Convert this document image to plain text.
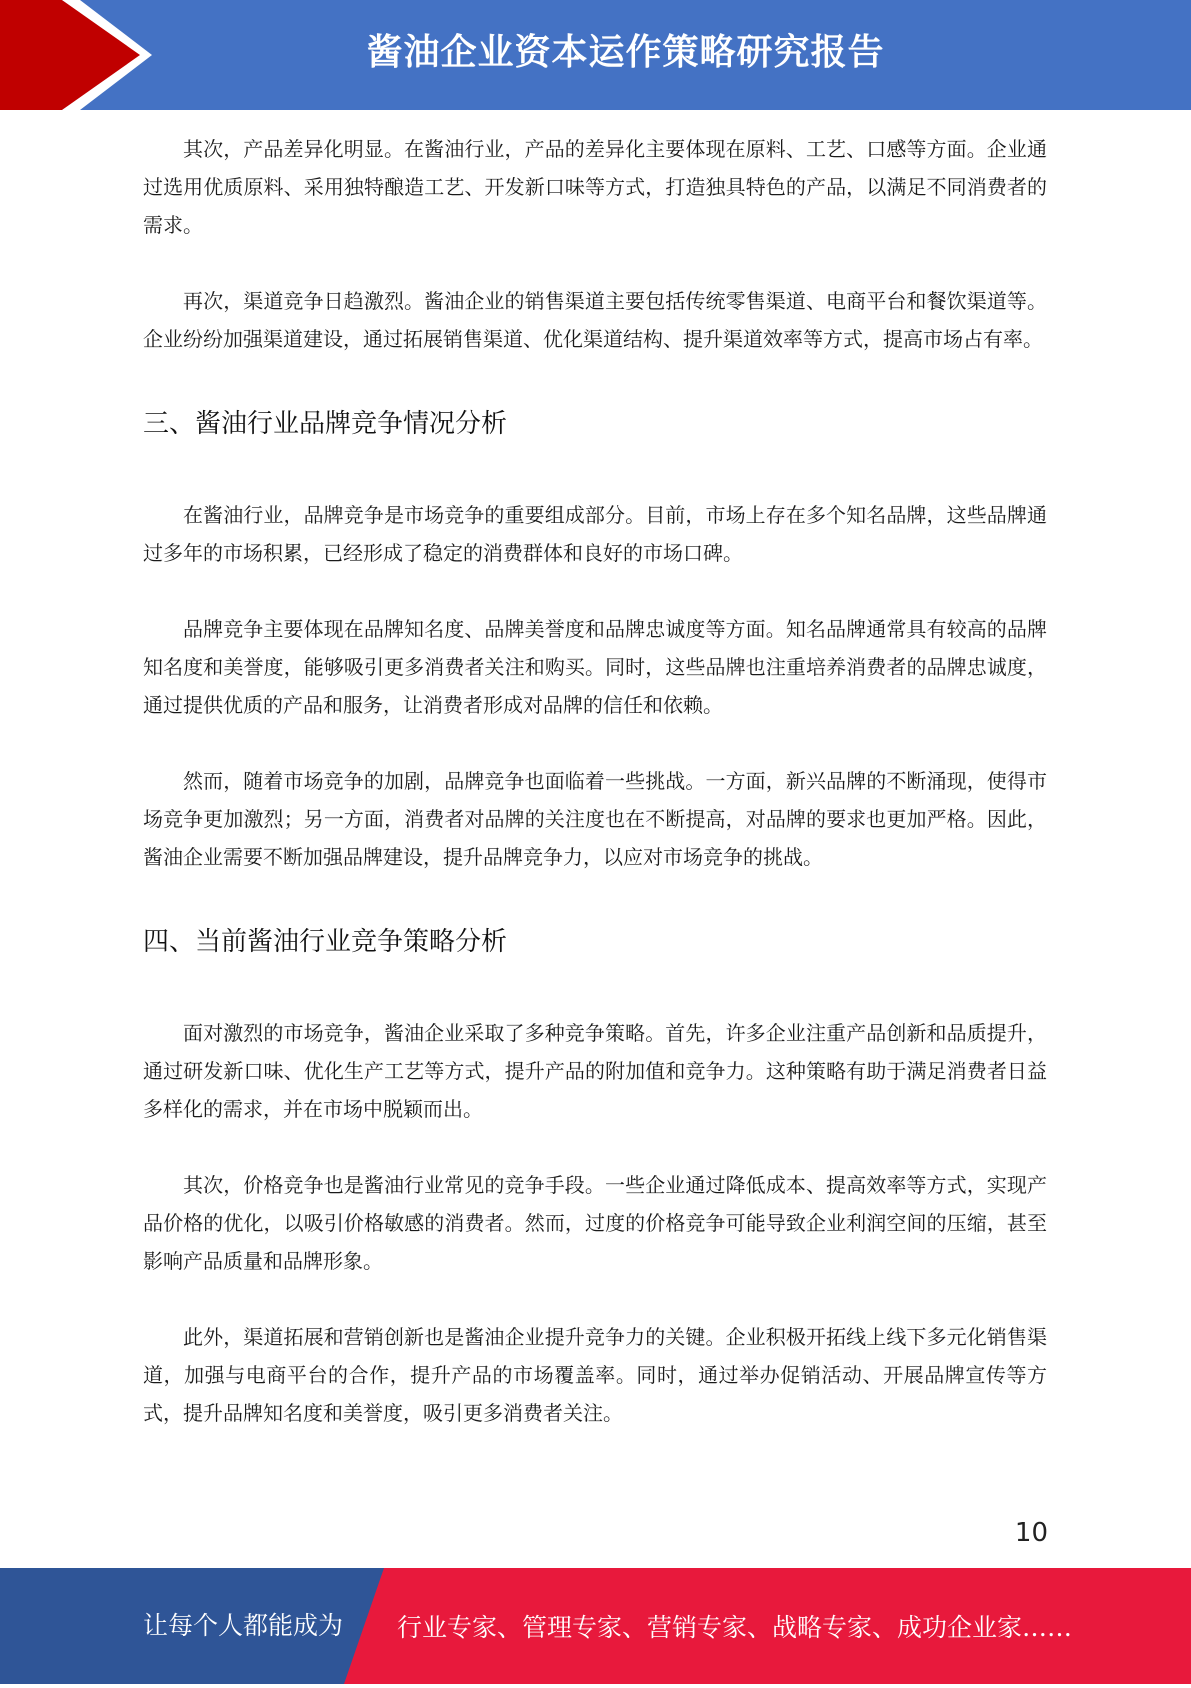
酱油企业资本运作策略研究报告

其次，产品差异化明显。在酱油行业，产品的差异化主要体现在原料、工艺、口感等方面。企业通过选用优质原料、采用独特酿造工艺、开发新口味等方式，打造独具特色的产品，以满足不同消费者的需求。

再次，渠道竞争日趋激烈。酱油企业的销售渠道主要包括传统零售渠道、电商平台和餐饮渠道等。企业纷纷加强渠道建设，通过拓展销售渠道、优化渠道结构、提升渠道效率等方式，提高市场占有率。

三、酱油行业品牌竞争情况分析

在酱油行业，品牌竞争是市场竞争的重要组成部分。目前，市场上存在多个知名品牌，这些品牌通过多年的市场积累，已经形成了稳定的消费群体和良好的市场口碑。

品牌竞争主要体现在品牌知名度、品牌美誉度和品牌忠诚度等方面。知名品牌通常具有较高的品牌知名度和美誉度，能够吸引更多消费者关注和购买。同时，这些品牌也注重培养消费者的品牌忠诚度，通过提供优质的产品和服务，让消费者形成对品牌的信任和依赖。

然而，随着市场竞争的加剧，品牌竞争也面临着一些挑战。一方面，新兴品牌的不断涌现，使得市场竞争更加激烈；另一方面，消费者对品牌的关注度也在不断提高，对品牌的要求也更加严格。因此，酱油企业需要不断加强品牌建设，提升品牌竞争力，以应对市场竞争的挑战。

四、当前酱油行业竞争策略分析

面对激烈的市场竞争，酱油企业采取了多种竞争策略。首先，许多企业注重产品创新和品质提升，通过研发新口味、优化生产工艺等方式，提升产品的附加值和竞争力。这种策略有助于满足消费者日益多样化的需求，并在市场中脱颖而出。

其次，价格竞争也是酱油行业常见的竞争手段。一些企业通过降低成本、提高效率等方式，实现产品价格的优化，以吸引价格敏感的消费者。然而，过度的价格竞争可能导致企业利润空间的压缩，甚至影响产品质量和品牌形象。

此外，渠道拓展和营销创新也是酱油企业提升竞争力的关键。企业积极开拓线上线下多元化销售渠道，加强与电商平台的合作，提升产品的市场覆盖率。同时，通过举办促销活动、开展品牌宣传等方式，提升品牌知名度和美誉度，吸引更多消费者关注。

10
让每个人都能成为 行业专家、管理专家、营销专家、战略专家、成功企业家……
